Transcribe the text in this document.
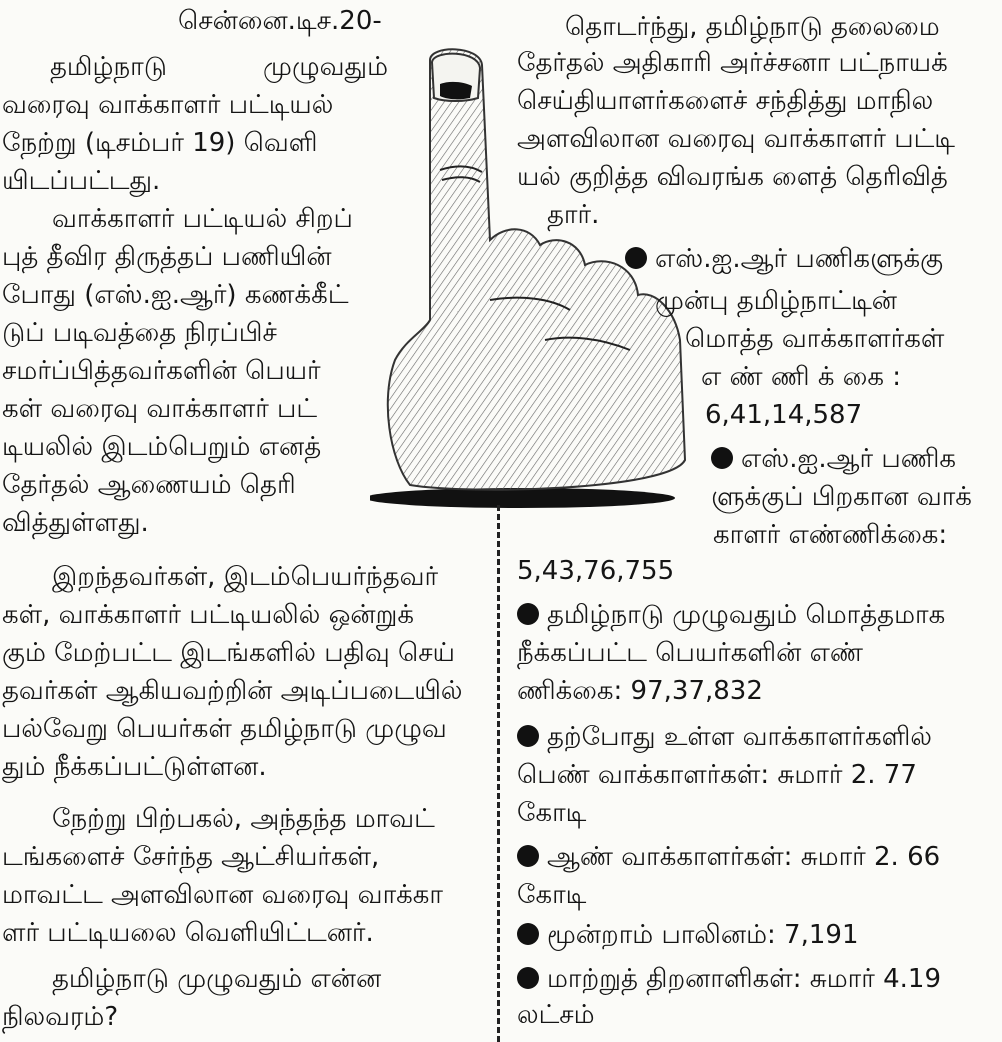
சென்னை.டிச.20-
தமிழ்நாடு	முழுவதும்
வரைவு வாக்காளர் பட்டியல்
நேற்று (டிசம்பர் 19) வெளி
யிடப்பட்டது.
வாக்காளர் பட்டியல் சிறப்
புத் தீவிர திருத்தப் பணியின்
போது (எஸ்.ஐ.ஆர்) கணக்கீட்
டுப் படிவத்தை நிரப்பிச்
சமர்ப்பித்தவர்களின் பெயர்
கள் வரைவு வாக்காளர் பட்
டியலில் இடம்பெறும் எனத்
தேர்தல் ஆணையம் தெரி
வித்துள்ளது.
இறந்தவர்கள், இடம்பெயர்ந்தவர்
கள், வாக்காளர் பட்டியலில் ஒன்றுக்
கும் மேற்பட்ட இடங்களில் பதிவு செய்
தவர்கள் ஆகியவற்றின் அடிப்படையில்
பல்வேறு பெயர்கள் தமிழ்நாடு முழுவ
தும் நீக்கப்பட்டுள்ளன.
நேற்று பிற்பகல், அந்தந்த மாவட்
டங்களைச் சேர்ந்த ஆட்சியர்கள்,
மாவட்ட அளவிலான வரைவு வாக்கா
ளர் பட்டியலை வெளியிட்டனர்.
தமிழ்நாடு முழுவதும் என்ன
நிலவரம்?
தொடர்ந்து, தமிழ்நாடு தலைமை
தேர்தல் அதிகாரி அர்ச்சனா பட்நாயக்
செய்தியாளர்களைச் சந்தித்து மாநில
அளவிலான வரைவு வாக்காளர் பட்டி
யல் குறித்த விவரங்க ளைத் தெரிவித்
தார்.
எஸ்.ஐ.ஆர் பணிகளுக்கு
முன்பு தமிழ்நாட்டின்
மொத்த வாக்காளர்கள்
எ ண் ணி க் கை :
6,41,14,587
எஸ்.ஐ.ஆர் பணிக
ளுக்குப் பிறகான வாக்
காளர் எண்ணிக்கை:
5,43,76,755
தமிழ்நாடு முழுவதும் மொத்தமாக
நீக்கப்பட்ட பெயர்களின் எண்
ணிக்கை: 97,37,832
தற்போது உள்ள வாக்காளர்களில்
பெண் வாக்காளர்கள்: சுமார் 2. 77
கோடி
ஆண் வாக்காளர்கள்: சுமார் 2. 66
கோடி
மூன்றாம் பாலினம்: 7,191
மாற்றுத் திறனாளிகள்: சுமார் 4.19
லட்சம்
